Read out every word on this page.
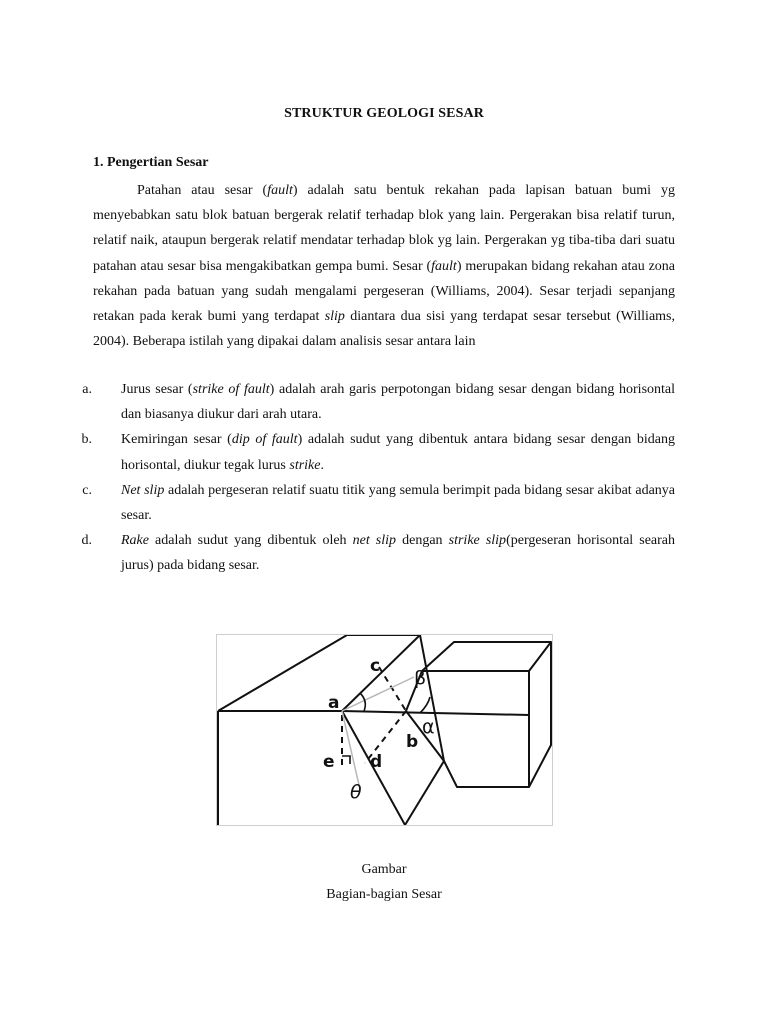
STRUKTUR GEOLOGI SESAR
1. Pengertian Sesar

Patahan atau sesar (fault) adalah satu bentuk rekahan pada lapisan batuan bumi yg menyebabkan satu blok batuan bergerak relatif terhadap blok yang lain. Pergerakan bisa relatif turun, relatif naik, ataupun bergerak relatif mendatar terhadap blok yg lain. Pergerakan yg tiba-tiba dari suatu patahan atau sesar bisa mengakibatkan gempa bumi. Sesar (fault) merupakan bidang rekahan atau zona rekahan pada batuan yang sudah mengalami pergeseran (Williams, 2004). Sesar terjadi sepanjang retakan pada kerak bumi yang terdapat slip diantara dua sisi yang terdapat sesar tersebut (Williams, 2004). Beberapa istilah yang dipakai dalam analisis sesar antara lain

a. Jurus sesar (strike of fault) adalah arah garis perpotongan bidang sesar dengan bidang horisontal dan biasanya diukur dari arah utara.
b. Kemiringan sesar (dip of fault) adalah sudut yang dibentuk antara bidang sesar dengan bidang horisontal, diukur tegak lurus strike.
c. Net slip adalah pergeseran relatif suatu titik yang semula berimpit pada bidang sesar akibat adanya sesar.
d. Rake adalah sudut yang dibentuk oleh net slip dengan strike slip(pergeseran horisontal searah jurus) pada bidang sesar.
a
b
c
d
e
β
α
θ
Gambar
Bagian-bagian Sesar
